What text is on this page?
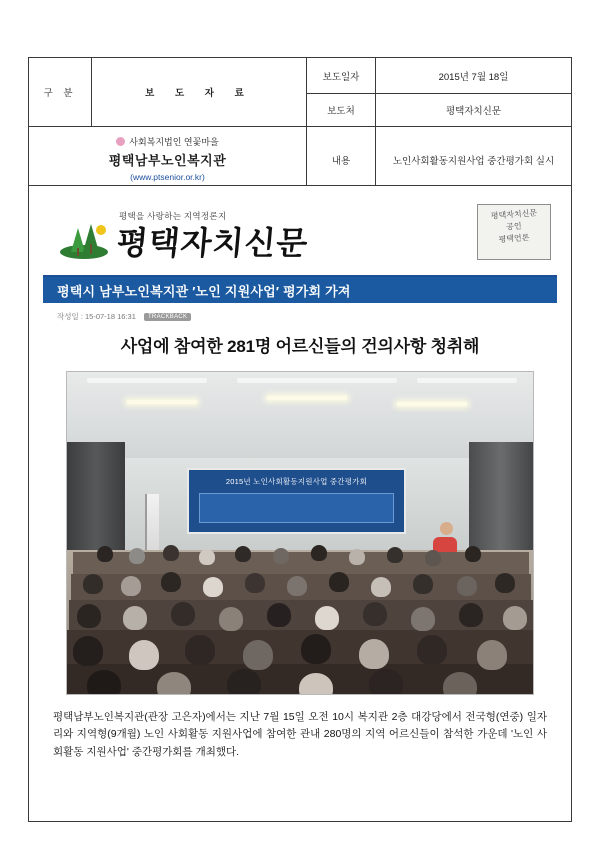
구 분	보 도 자 료	보도일자	2015년 7월 18일
		보도처	평택자치신문

사회복지법인 연꽃마을
평택남부노인복지관
(www.ptsenior.or.kr)		내용	노인사회활동지원사업 중간평가회 실시
평택을 사랑하는 지역정론지
평택자치신문
평택자치신문
공인
평택언론
평택시 남부노인복지관 ′노인 지원사업′ 평가회 가져
작성일 : 15-07-18 16:31 TRACKBACK
사업에 참여한 281명 어르신들의 건의사항 청취해
2015년 노인사회활동지원사업 중간평가회
평택남부노인복지관(관장 고은자)에서는 지난 7월 15일 오전 10시 복지관 2층 대강당에서 전국형(연중) 일자리와 지역형(9개월) 노인 사회활동 지원사업에 참여한 관내 280명의 지역 어르신들이 참석한 가운데 '노인 사회활동 지원사업' 중간평가회를 개최했다.
